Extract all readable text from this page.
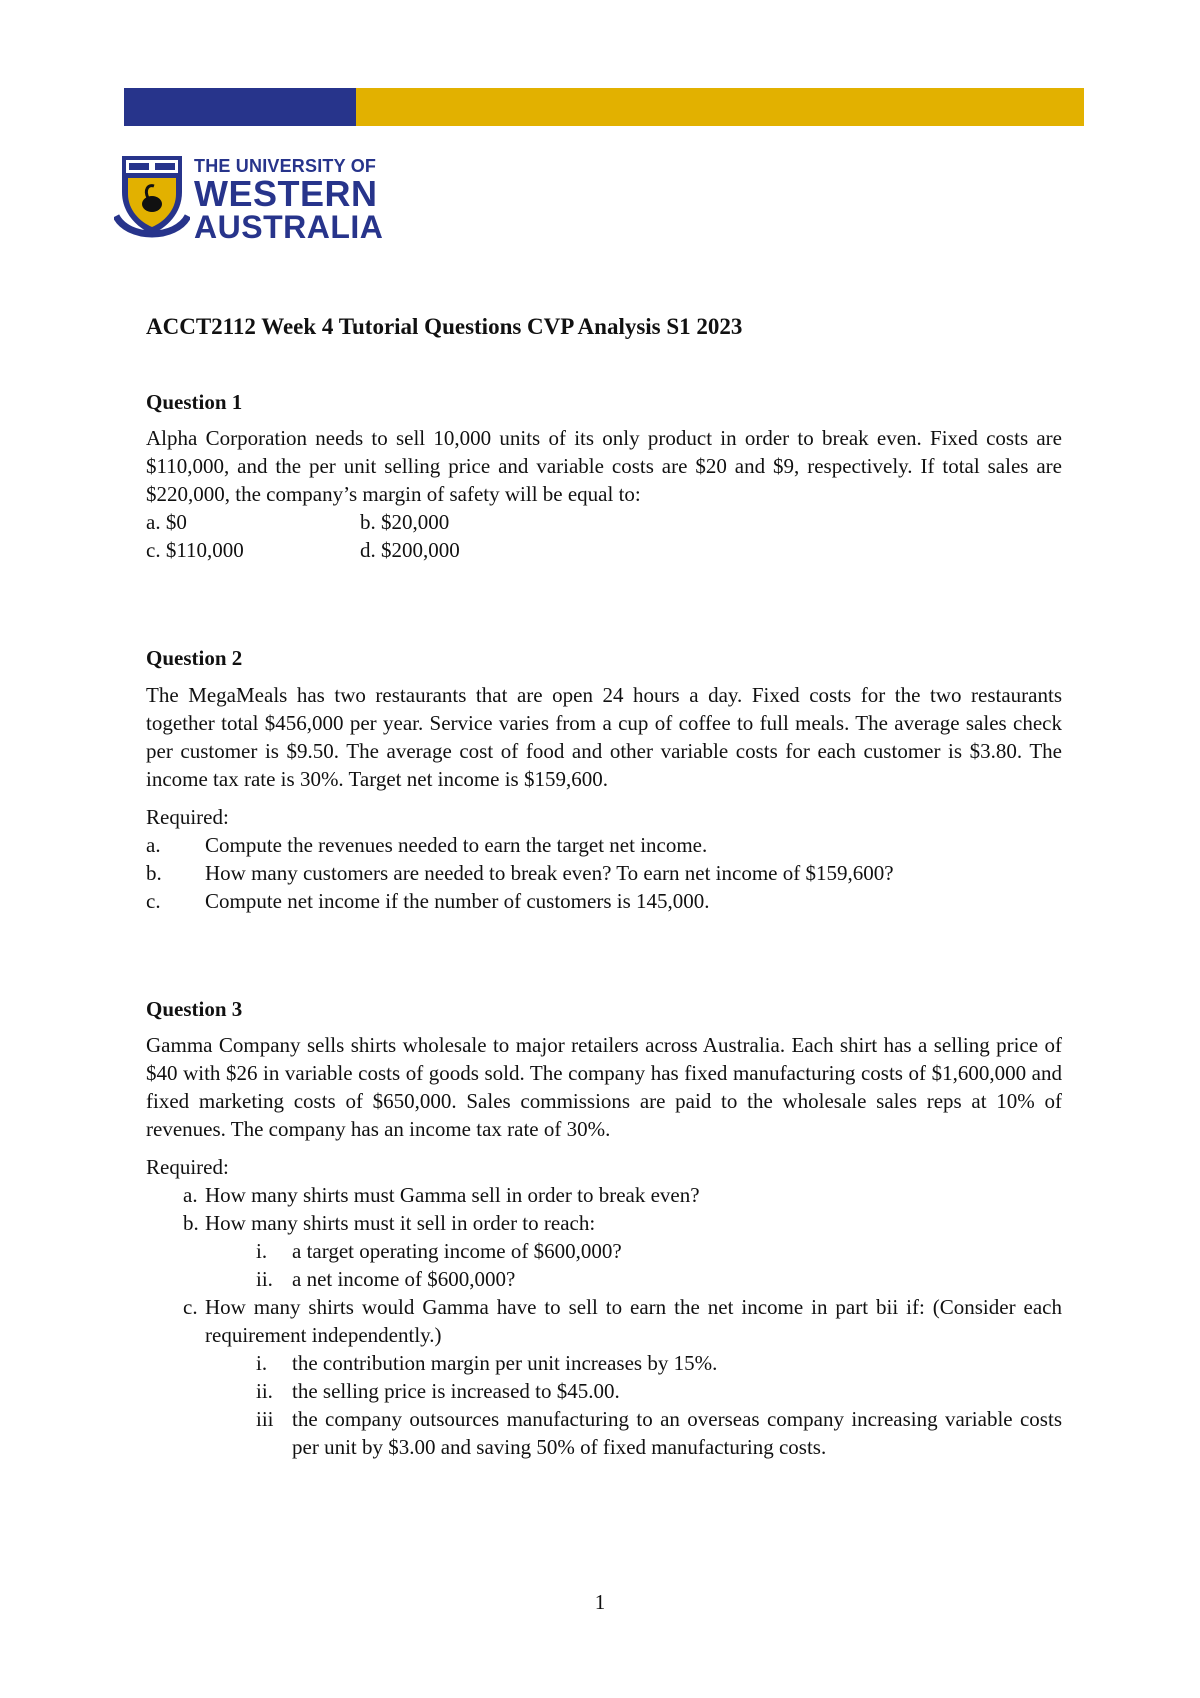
THE UNIVERSITY OF
WESTERN
AUSTRALIA
ACCT2112 Week 4 Tutorial Questions CVP Analysis S1 2023

Question 1

Alpha Corporation needs to sell 10,000 units of its only product in order to break even. Fixed costs are $110,000, and the per unit selling price and variable costs are $20 and $9, respectively. If total sales are $220,000, the company’s margin of safety will be equal to:

a. $0	b. $20,000
c. $110,000	d. $200,000

Question 2

The MegaMeals has two restaurants that are open 24 hours a day. Fixed costs for the two restaurants together total $456,000 per year. Service varies from a cup of coffee to full meals. The average sales check per customer is $9.50. The average cost of food and other variable costs for each customer is $3.80. The income tax rate is 30%. Target net income is $159,600.

Required:

a.	Compute the revenues needed to earn the target net income.
b.	How many customers are needed to break even? To earn net income of $159,600?
c.	Compute net income if the number of customers is 145,000.

Question 3

Gamma Company sells shirts wholesale to major retailers across Australia. Each shirt has a selling price of $40 with $26 in variable costs of goods sold. The company has fixed manufacturing costs of $1,600,000 and fixed marketing costs of $650,000. Sales commissions are paid to the wholesale sales reps at 10% of revenues. The company has an income tax rate of 30%.

Required:

a. How many shirts must Gamma sell in order to break even?
b. How many shirts must it sell in order to reach:
i.	a target operating income of $600,000?
ii. a net income of $600,000?
c. How many shirts would Gamma have to sell to earn the net income in part bii if: (Consider each requirement independently.)
i.	the contribution margin per unit increases by 15%.
ii. the selling price is increased to $45.00.
iii the company outsources manufacturing to an overseas company increasing variable costs per unit by $3.00 and saving 50% of fixed manufacturing costs.
1
